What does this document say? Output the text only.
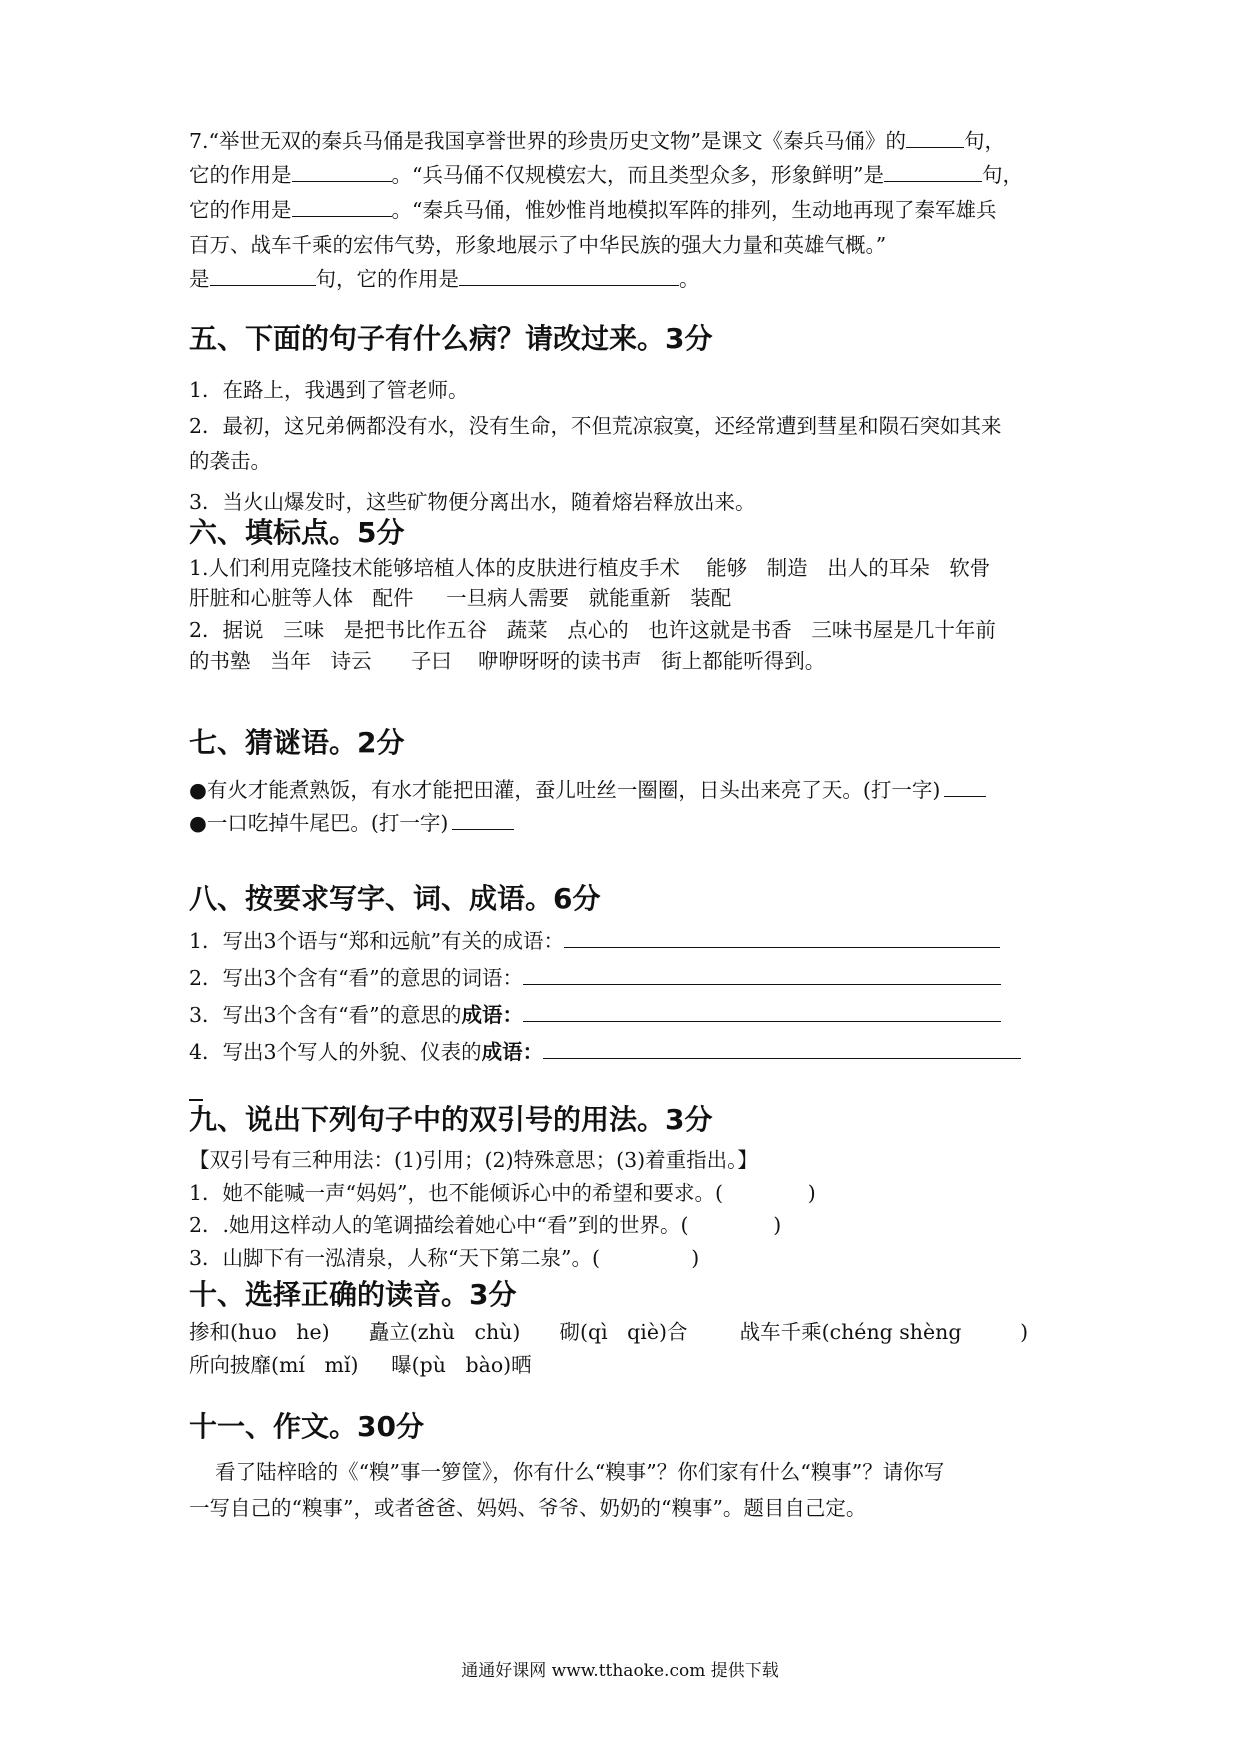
7.“举世无双的秦兵马俑是我国享誉世界的珍贵历史文物”是课文《秦兵马俑》的	句，
它的作用是	。“兵马俑不仅规模宏大，而且类型众多，形象鲜明”是	句，
它的作用是	。“秦兵马俑，惟妙惟肖地模拟军阵的排列，生动地再现了秦军雄兵
百万、战车千乘的宏伟气势，形象地展示了中华民族的强大力量和英雄气概。”
是	句，它的作用是	。
五、下面的句子有什么病？请改过来。3分
1．在路上，我遇到了管老师。
2．最初，这兄弟俩都没有水，没有生命，不但荒凉寂寞，还经常遭到彗星和陨石突如其来
的袭击。
3．当火山爆发时，这些矿物便分离出水，随着熔岩释放出来。
六、填标点。5分
1.人们利用克隆技术能够培植人体的皮肤进行植皮手术    能够   制造   出人的耳朵   软骨
肝脏和心脏等人体   配件     一旦病人需要   就能重新   装配
2．据说   三味   是把书比作五谷   蔬菜   点心的   也许这就是书香   三味书屋是几十年前
的书塾   当年   诗云      子曰    咿咿呀呀的读书声   街上都能听得到。
七、猜谜语。2分
●有火才能煮熟饭，有水才能把田灌，蚕儿吐丝一圈圈，日头出来亮了天。(打一字)
●一口吃掉牛尾巴。(打一字)
八、按要求写字、词、成语。6分
1．写出3个语与“郑和远航”有关的成语：
2．写出3个含有“看”的意思的词语：
3．写出3个含有“看”的意思的成语：
4．写出3个写人的外貌、仪表的成语：
九、说出下列句子中的双引号的用法。3分
【双引号有三种用法：(1)引用；(2)特殊意思；(3)着重指出。】
1．她不能喊一声“妈妈”，也不能倾诉心中的希望和要求。(             )
2．.她用这样动人的笔调描绘着她心中“看”到的世界。(             )
3．山脚下有一泓清泉，人称“天下第二泉”。(              )
十、选择正确的读音。3分
掺和(huo   he)      矗立(zhù   chù)      砌(qì   qiè)合        战车千乘(chéng shèng         )
所向披靡(mí   mǐ)     曝(pù   bào)晒
十一、作文。30分
看了陆梓晗的《“糗”事一箩筐》，你有什么“糗事”？你们家有什么“糗事”？请你写
一写自己的“糗事”，或者爸爸、妈妈、爷爷、奶奶的“糗事”。题目自己定。
通通好课网 www.tthaoke.com 提供下载
